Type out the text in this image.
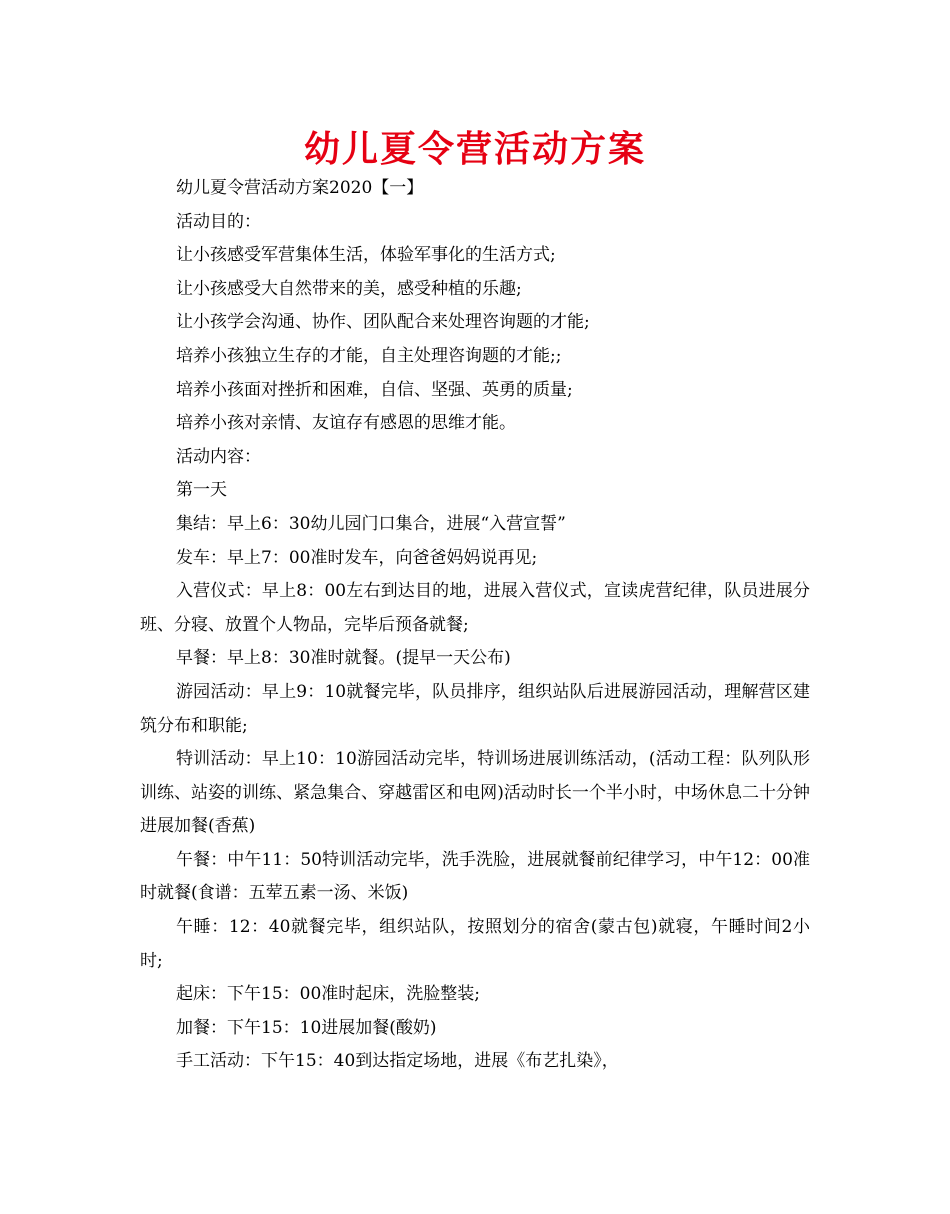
幼儿夏令营活动方案

幼儿夏令营活动方案2020【一】

活动目的：

让小孩感受军营集体生活，体验军事化的生活方式;

让小孩感受大自然带来的美，感受种植的乐趣;

让小孩学会沟通、协作、团队配合来处理咨询题的才能;

培养小孩独立生存的才能，自主处理咨询题的才能;;

培养小孩面对挫折和困难，自信、坚强、英勇的质量;

培养小孩对亲情、友谊存有感恩的思维才能。

活动内容：

第一天

集结：早上6：30幼儿园门口集合，进展“入营宣誓”

发车：早上7：00准时发车，向爸爸妈妈说再见;

入营仪式：早上8：00左右到达目的地，进展入营仪式，宣读虎营纪律，队员进展分班、分寝、放置个人物品，完毕后预备就餐;

早餐：早上8：30准时就餐。(提早一天公布)

游园活动：早上9：10就餐完毕，队员排序，组织站队后进展游园活动，理解营区建筑分布和职能;

特训活动：早上10：10游园活动完毕，特训场进展训练活动，(活动工程：队列队形训练、站姿的训练、紧急集合、穿越雷区和电网)活动时长一个半小时，中场休息二十分钟进展加餐(香蕉)

午餐：中午11：50特训活动完毕，洗手洗脸，进展就餐前纪律学习，中午12：00准时就餐(食谱：五荤五素一汤、米饭)

午睡：12：40就餐完毕，组织站队，按照划分的宿舍(蒙古包)就寝，午睡时间2小时;

起床：下午15：00准时起床，洗脸整装;

加餐：下午15：10进展加餐(酸奶)

手工活动：下午15：40到达指定场地，进展《布艺扎染》，
